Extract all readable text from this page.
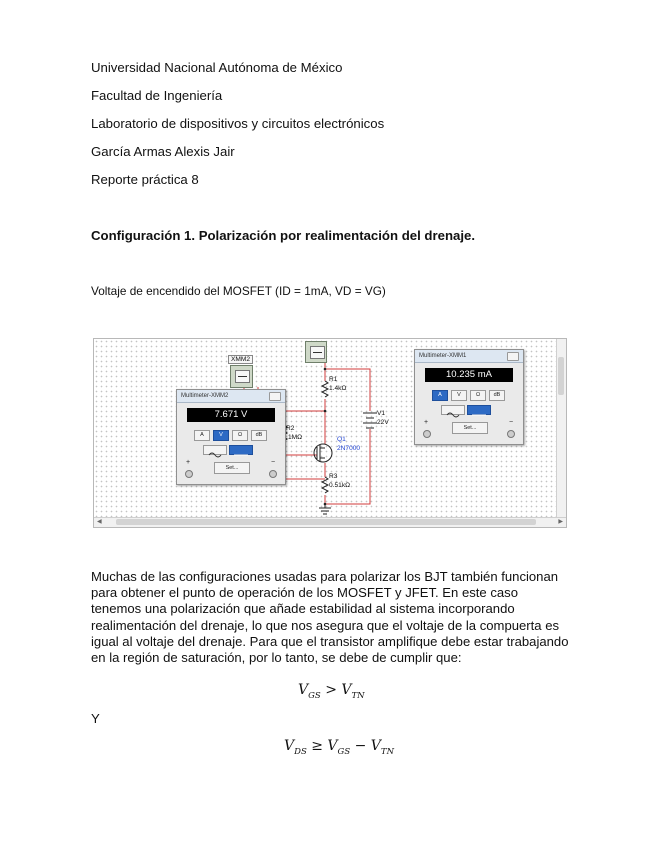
Universidad Nacional Autónoma de México
Facultad de Ingeniería
Laboratorio de dispositivos y circuitos electrónicos
García Armas Alexis Jair
Reporte práctica 8
Configuración 1. Polarización por realimentación del drenaje.
Voltaje de encendido del MOSFET (ID = 1mA, VD = VG)
XMM2
R1
1.4kΩ
V1
22V
R2
1MΩ	Q1
2N7000
R3
0.51kΩ
Multimeter-XMM2
7.671 V
A	V	Ω	dB
+	−
Set...
Multimeter-XMM1
10.235 mA
A	V	Ω	dB
+	−
Set...
◀	▶
Muchas de las configuraciones usadas para polarizar los BJT también funcionan para obtener el punto de operación de los MOSFET y JFET. En este caso tenemos una polarización que añade estabilidad al sistema incorporando realimentación del drenaje, lo que nos asegura que el voltaje de la compuerta es igual al voltaje del drenaje. Para que el transistor amplifique debe estar trabajando en la región de saturación, por lo tanto, se debe de cumplir que:
$V_{GS} > V_{TN}$
Y
$V_{DS} \ge V_{GS} - V_{TN}$
